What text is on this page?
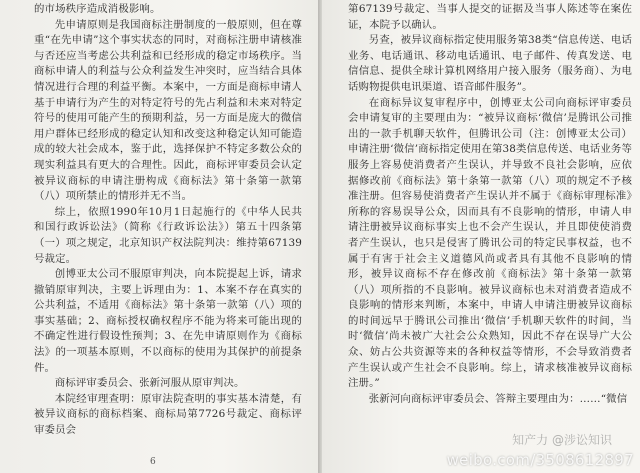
的市场秩序造成消极影响。

先申请原则是我国商标注册制度的一般原则，但在尊重“在先申请”这个事实状态的同时，对商标注册申请核准与否还应当考虑公共利益和已经形成的稳定市场秩序。当商标申请人的利益与公众利益发生冲突时，应当结合具体情况进行合理的利益平衡。本案中，一方面是商标申请人基于申请行为产生的对特定符号的先占利益和未来对特定符号的使用可能产生的预期利益，另一方面是庞大的微信用户群体已经形成的稳定认知和改变这种稳定认知可能造成的较大社会成本，鉴于此，选择保护不特定多数公众的现实利益具有更大的合理性。因此，商标评审委员会认定被异议商标的申请注册构成《商标法》第十条第一款第（八）项所禁止的情形并无不当。

综上，依照1990年10月1日起施行的《中华人民共和国行政诉讼法》（简称《行政诉讼法》）第五十四条第（一）项之规定，北京知识产权法院判决：维持第67139号裁定。

创博亚太公司不服原审判决，向本院提起上诉，请求撤销原审判决，主要上诉理由为：1、本案不存在真实的公共利益，不适用《商标法》第十条第一款第（八）项的事实基础；2、商标授权确权程序不能为将来可能出现的不确定性进行假设性预判；3、在先申请原则作为《商标法》的一项基本原则，不以商标的使用为其保护的前提条件。

商标评审委员会、张新河服从原审判决。

本院经审理查明：原审法院查明的事实基本清楚，有被异议商标的商标档案、商标局第7726号裁定、商标评审委员会

6

第67139号裁定、当事人提交的证据及当事人陈述等在案佐证，本院予以确认。

另查，被异议商标指定使用服务第38类“信息传送、电话业务、电话通讯、移动电话通讯、电子邮件、传真发送、电信信息、提供全球计算机网络用户接入服务（服务商）、为电话购物提供电讯渠道、语音邮件服务”。

在商标异议复审程序中，创博亚太公司向商标评审委员会申请复审的主要理由为：“被异议商标‘微信’是腾讯公司推出的一款手机聊天软件，但腾讯公司（注：创博亚太公司）申请注册‘微信’商标指定使用在第38类信息传送、电话业务等服务上容易使消费者产生误认，并导致不良社会影响，应依据修改前《商标法》第十条第一款第（八）项的规定不予核准注册。但容易使消费者产生误认并不属于《商标审理标准》所称的容易误导公众，因而具有不良影响的情形，申请人申请注册被异议商标事实上也不会产生误认，并且即使使消费者产生误认，也只是侵害了腾讯公司的特定民事权益，也不属于有害于社会主义道德风尚或者具有其他不良影响的情形，被异议商标不存在修改前《商标法》第十条第一款第（八）项所指的不良影响。被异议商标也未对消费者造成不良影响的情形来判断，本案中，申请人申请注册被异议商标的时间远早于腾讯公司推出‘微信’手机聊天软件的时间，当时‘微信’尚未被广大社会公众熟知，因此不存在误导广大公众、妨占公共资源等来的各种权益等情形，不会导致消费者产生误认或产生社会不良影响。综上，请求核准被异议商标注册。”

张新河向商标评审委员会、答辩主要理由为：……“微信

知产力 @涉讼知识
weibo.com/3508612897
